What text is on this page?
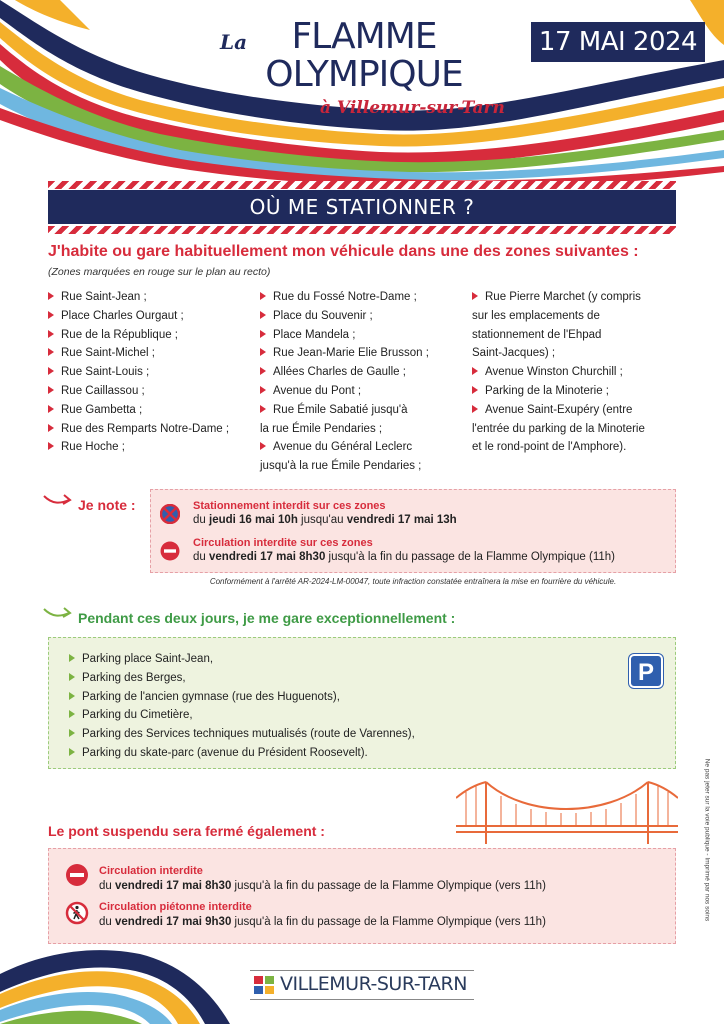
La	FLAMME
OLYMPIQUE
à Villemur-sur-Tarn
17 MAI 2024
OÙ ME STATIONNER ?
J'habite ou gare habituellement mon véhicule dans une des zones suivantes :
(Zones marquées en rouge sur le plan au recto)
Rue Saint-Jean ;
Place Charles Ourgaut ;
Rue de la République ;
Rue Saint-Michel ;
Rue Saint-Louis ;
Rue Caillassou ;
Rue Gambetta ;
Rue des Remparts Notre-Dame ;
Rue Hoche ;
Rue du Fossé Notre-Dame ;
Place du Souvenir ;
Place Mandela ;
Rue Jean-Marie Elie Brusson ;
Allées Charles de Gaulle ;
Avenue du Pont ;
Rue Émile Sabatié jusqu'à
la rue Émile Pendaries ;
Avenue du Général Leclerc
jusqu'à la rue Émile Pendaries ;
Rue Pierre Marchet (y compris
sur les emplacements de
stationnement de l'Ehpad
Saint-Jacques) ;
Avenue Winston Churchill ;
Parking de la Minoterie ;
Avenue Saint-Exupéry (entre
l'entrée du parking de la Minoterie
et le rond-point de l'Amphore).
Je note :	Stationnement interdit sur ces zones
du jeudi 16 mai 10h jusqu'au vendredi 17 mai 13h
Circulation interdite sur ces zones
du vendredi 17 mai 8h30 jusqu'à la fin du passage de la Flamme Olympique (11h)
Conformément à l'arrêté AR-2024-LM-00047, toute infraction constatée entraînera la mise en fourrière du véhicule.
Pendant ces deux jours, je me gare exceptionnellement :
Parking place Saint-Jean,
Parking des Berges,
Parking de l'ancien gymnase (rue des Huguenots),
Parking du Cimetière,
Parking des Services techniques mutualisés (route de Varennes),
Parking du skate-parc (avenue du Président Roosevelt).
P
Le pont suspendu sera fermé également :
Circulation interdite
du vendredi 17 mai 8h30 jusqu'à la fin du passage de la Flamme Olympique (vers 11h)
Circulation piétonne interdite
du vendredi 17 mai 9h30 jusqu'à la fin du passage de la Flamme Olympique (vers 11h)
Ne pas jeter sur la voie publique - Imprimé par nos soins
VILLEMUR-SUR-TARN
